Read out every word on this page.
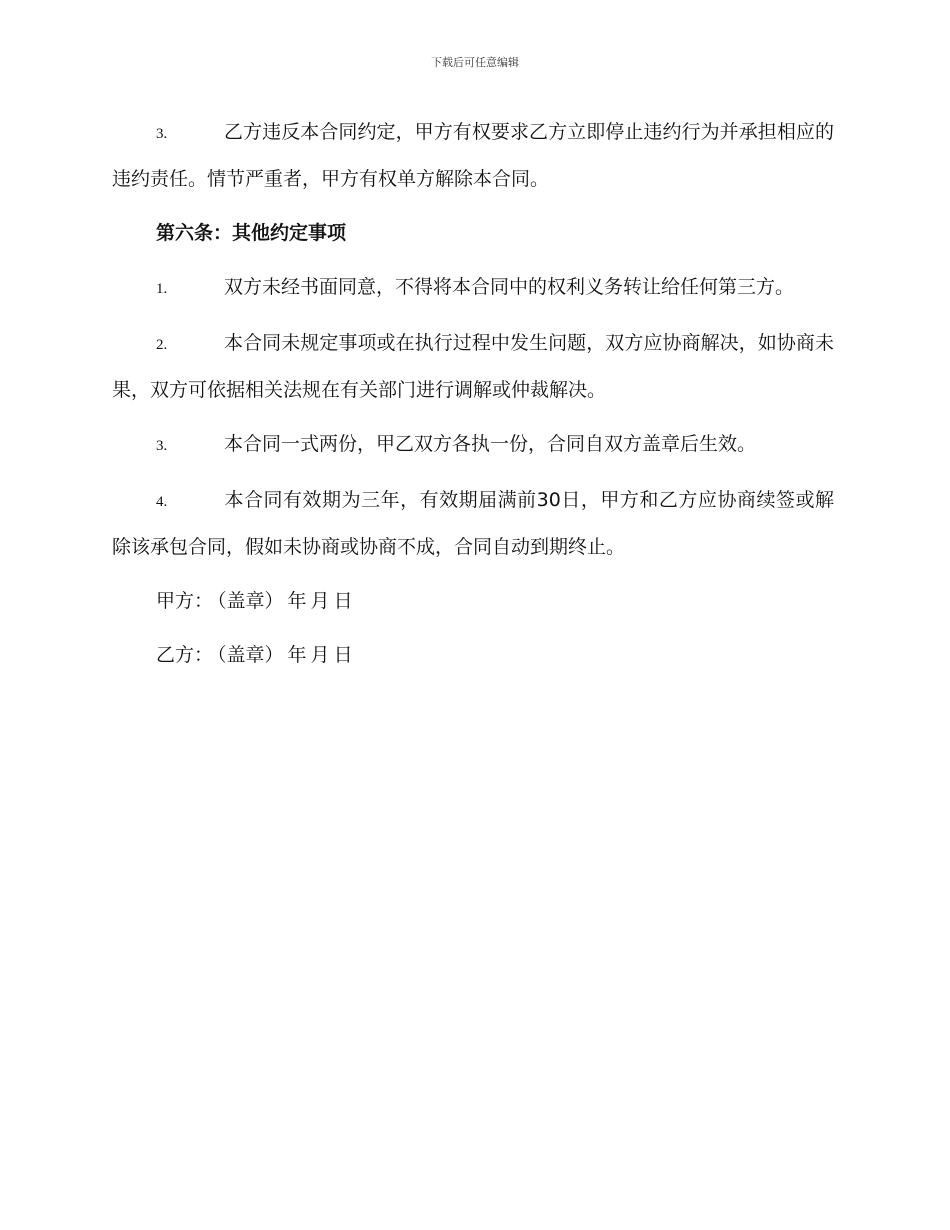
下载后可任意编辑

3.	乙方违反本合同约定，甲方有权要求乙方立即停止违约行为并承担相应的违约责任。情节严重者，甲方有权单方解除本合同。

第六条：其他约定事项

1.	双方未经书面同意，不得将本合同中的权利义务转让给任何第三方。

2.	本合同未规定事项或在执行过程中发生问题，双方应协商解决，如协商未果，双方可依据相关法规在有关部门进行调解或仲裁解决。

3.	本合同一式两份，甲乙双方各执一份，合同自双方盖章后生效。

4.	本合同有效期为三年，有效期届满前30日，甲方和乙方应协商续签或解除该承包合同，假如未协商或协商不成，合同自动到期终止。

甲方： （盖章） 年 月 日
乙方： （盖章） 年 月 日
